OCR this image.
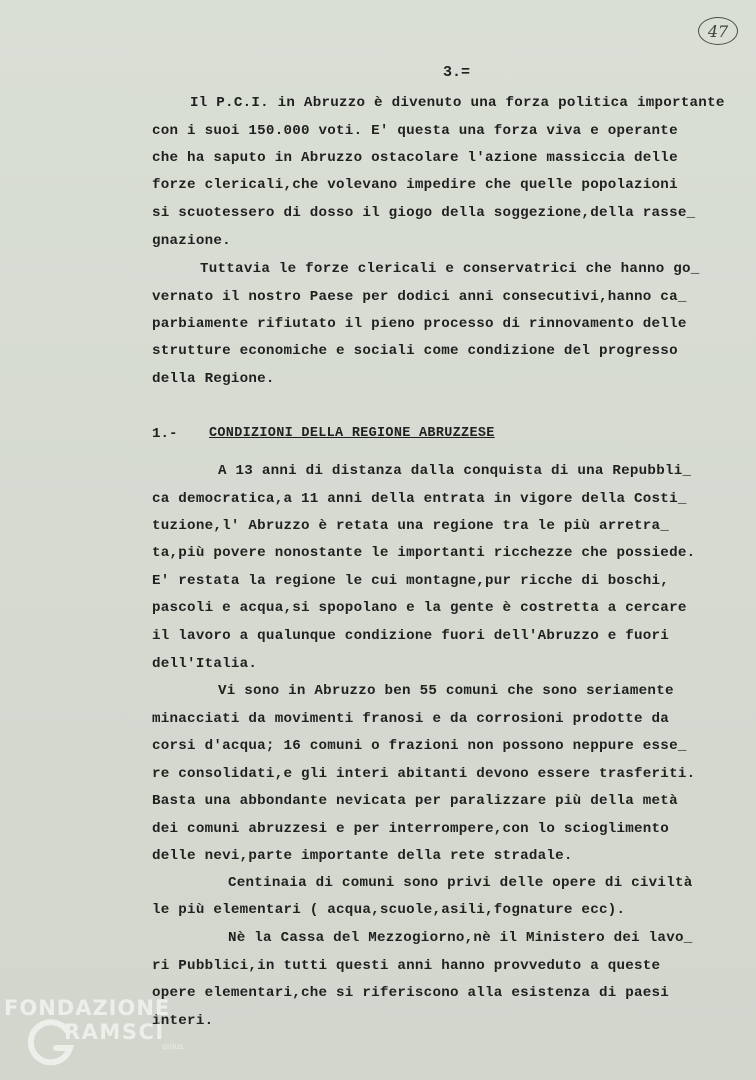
47
3.=
Il P.C.I. in Abruzzo è divenuto una forza politica importante
con i suoi 150.000 voti. E' questa una forza viva e operante
che ha saputo in Abruzzo ostacolare l'azione massiccia delle
forze clericali,che volevano impedire che quelle popolazioni
si scuotessero di dosso il giogo della soggezione,della rasse_
gnazione.
Tuttavia le forze clericali e conservatrici che hanno go_
vernato il nostro Paese per dodici anni consecutivi,hanno ca_
parbiamente rifiutato il pieno processo di rinnovamento delle
strutture economiche e sociali come condizione del progresso
della Regione.
1.- CONDIZIONI DELLA REGIONE ABRUZZESE
A 13 anni di distanza dalla conquista di una Repubbli_
ca democratica,a 11 anni della entrata in vigore della Costi_
tuzione,l' Abruzzo è retata una regione tra le più arretra_
ta,più povere nonostante le importanti ricchezze che possiede.
E' restata la regione le cui montagne,pur ricche di boschi,
pascoli e acqua,si spopolano e la gente è costretta a cercare
il lavoro a qualunque condizione fuori dell'Abruzzo e fuori
dell'Italia.
Vi sono in Abruzzo ben 55 comuni che sono seriamente
minacciati da movimenti franosi e da corrosioni prodotte da
corsi d'acqua; 16 comuni o frazioni non possono neppure esse_
re consolidati,e gli interi abitanti devono essere trasferiti.
Basta una abbondante nevicata per paralizzare più della metà
dei comuni abruzzesi e per interrompere,con lo scioglimento
delle nevi,parte importante della rete stradale.
Centinaia di comuni sono privi delle opere di civiltà
le più elementari ( acqua,scuole,asili,fognature ecc).
Nè la Cassa del Mezzogiorno,nè il Ministero dei lavo_
ri Pubblici,in tutti questi anni hanno provveduto a queste
opere elementari,che si riferiscono alla esistenza di paesi
interi.
FONDAZIONE
RAMSCI
onlus
